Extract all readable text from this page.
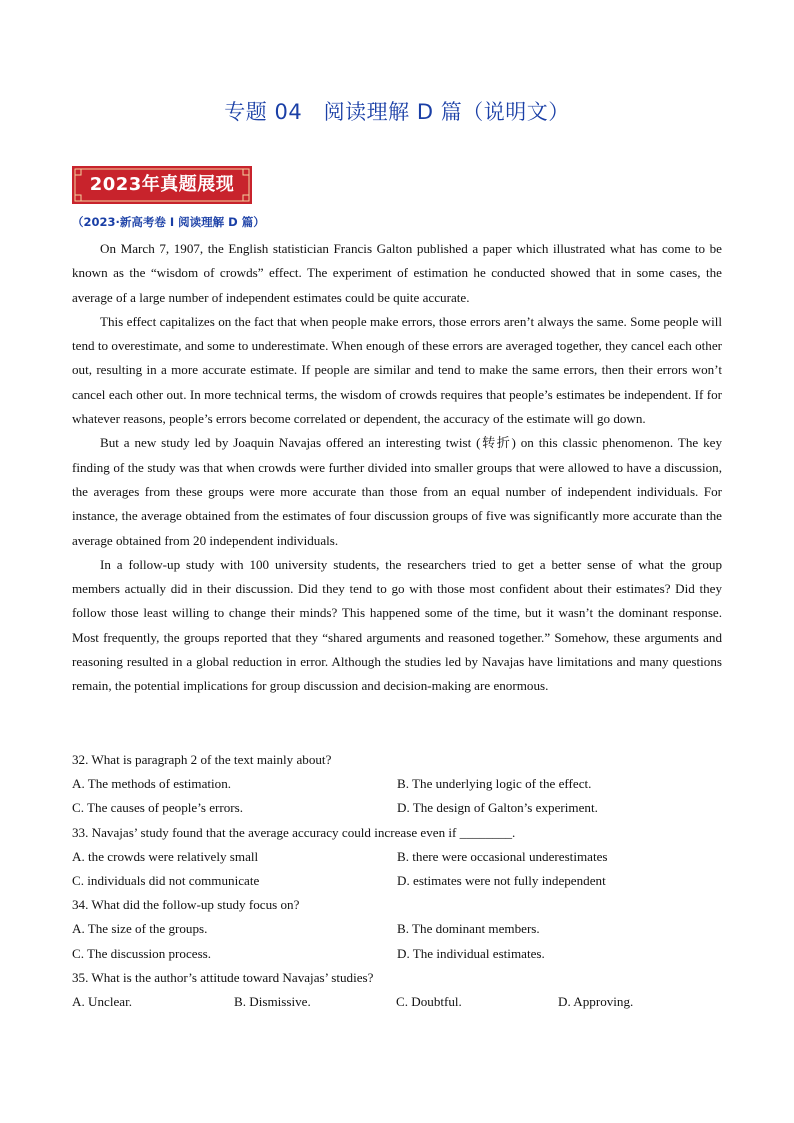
专题 04　阅读理解 D 篇（说明文）
2023年真题展现
（2023·新高考卷 I 阅读理解 D 篇）

On March 7, 1907, the English statistician Francis Galton published a paper which illustrated what has come to be known as the “wisdom of crowds” effect. The experiment of estimation he conducted showed that in some cases, the average of a large number of independent estimates could be quite accurate.

This effect capitalizes on the fact that when people make errors, those errors aren’t always the same. Some people will tend to overestimate, and some to underestimate. When enough of these errors are averaged together, they cancel each other out, resulting in a more accurate estimate. If people are similar and tend to make the same errors, then their errors won’t cancel each other out. In more technical terms, the wisdom of crowds requires that people’s estimates be independent. If for whatever reasons, people’s errors become correlated or dependent, the accuracy of the estimate will go down.

But a new study led by Joaquin Navajas offered an interesting twist (转折) on this classic phenomenon. The key finding of the study was that when crowds were further divided into smaller groups that were allowed to have a discussion, the averages from these groups were more accurate than those from an equal number of independent individuals. For instance, the average obtained from the estimates of four discussion groups of five was significantly more accurate than the average obtained from 20 independent individuals.

In a follow-up study with 100 university students, the researchers tried to get a better sense of what the group members actually did in their discussion. Did they tend to go with those most confident about their estimates? Did they follow those least willing to change their minds? This happened some of the time, but it wasn’t the dominant response. Most frequently, the groups reported that they “shared arguments and reasoned together.” Somehow, these arguments and reasoning resulted in a global reduction in error. Although the studies led by Navajas have limitations and many questions remain, the potential implications for group discussion and decision-making are enormous.

32. What is paragraph 2 of the text mainly about?

A. The methods of estimation.	B. The underlying logic of the effect.
C. The causes of people’s errors.	D. The design of Galton’s experiment.

33. Navajas’ study found that the average accuracy could increase even if ________.

A. the crowds were relatively small	B. there were occasional underestimates
C. individuals did not communicate	D. estimates were not fully independent

34. What did the follow-up study focus on?

A. The size of the groups.	B. The dominant members.
C. The discussion process.	D. The individual estimates.

35. What is the author’s attitude toward Navajas’ studies?

A. Unclear.	B. Dismissive.	C. Doubtful.	D. Approving.
